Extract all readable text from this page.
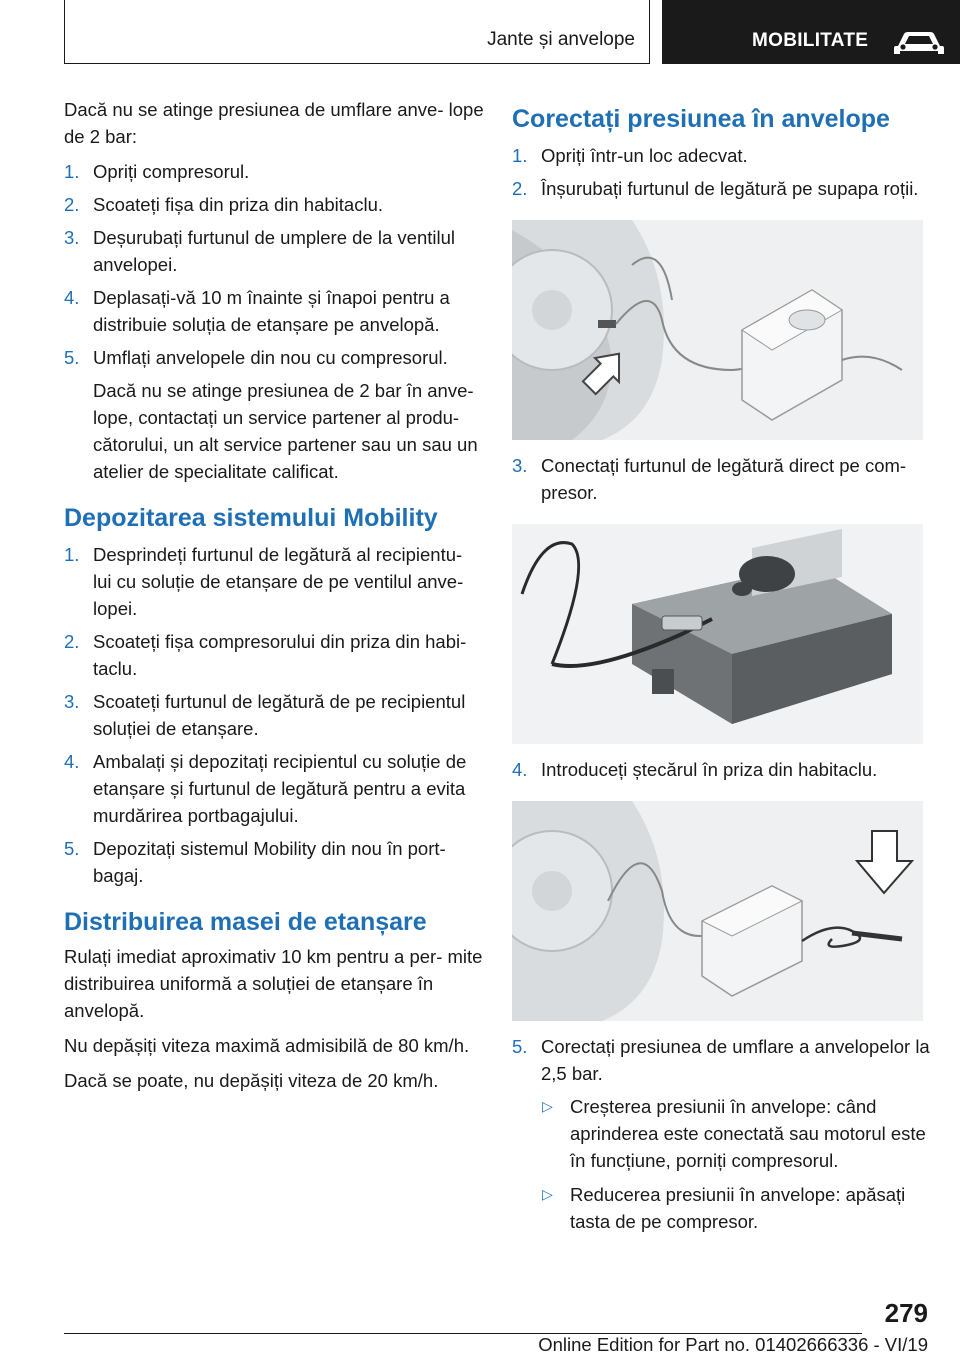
Jante și anvelope	MOBILITATE

Dacă nu se atinge presiunea de umflare anve- lope de 2 bar:

1. Opriți compresorul.
2. Scoateți fișa din priza din habitaclu.
3. Deșurubați furtunul de umplere de la ventilul anvelopei.
4. Deplasați-vă 10 m înainte și înapoi pentru a distribuie soluția de etanșare pe anvelopă.
5. Umflați anvelopele din nou cu compresorul.

Dacă nu se atinge presiunea de 2 bar în anve- lope, contactați un service partener al produ- cătorului, un alt service partener sau un sau un atelier de specialitate calificat.

Depozitarea sistemului Mobility
1. Desprindeți furtunul de legătură al recipientu- lui cu soluție de etanșare de pe ventilul anve- lopei.
2. Scoateți fișa compresorului din priza din habi- taclu.
3. Scoateți furtunul de legătură de pe recipientul soluției de etanșare.
4. Ambalați și depozitați recipientul cu soluție de etanșare și furtunul de legătură pentru a evita murdărirea portbagajului.
5. Depozitați sistemul Mobility din nou în port- bagaj.
Distribuirea masei de etanșare

Rulați imediat aproximativ 10 km pentru a per- mite distribuirea uniformă a soluției de etanșare în anvelopă.

Nu depășiți viteza maximă admisibilă de 80 km/h.

Dacă se poate, nu depășiți viteza de 20 km/h.

Corectați presiunea în anvelope
1. Opriți într-un loc adecvat.
2. Înșurubați furtunul de legătură pe supapa roții.
3. Conectați furtunul de legătură direct pe com- presor.
4. Introduceți ștecărul în priza din habitaclu.
5. Corectați presiunea de umflare a anvelopelor la 2,5 bar.
▷ Creșterea presiunii în anvelope: când aprinderea este conectată sau motorul este în funcțiune, porniți compresorul.
▷ Reducerea presiunii în anvelope: apăsați tasta de pe compresor.
279
Online Edition for Part no. 01402666336 - VI/19
